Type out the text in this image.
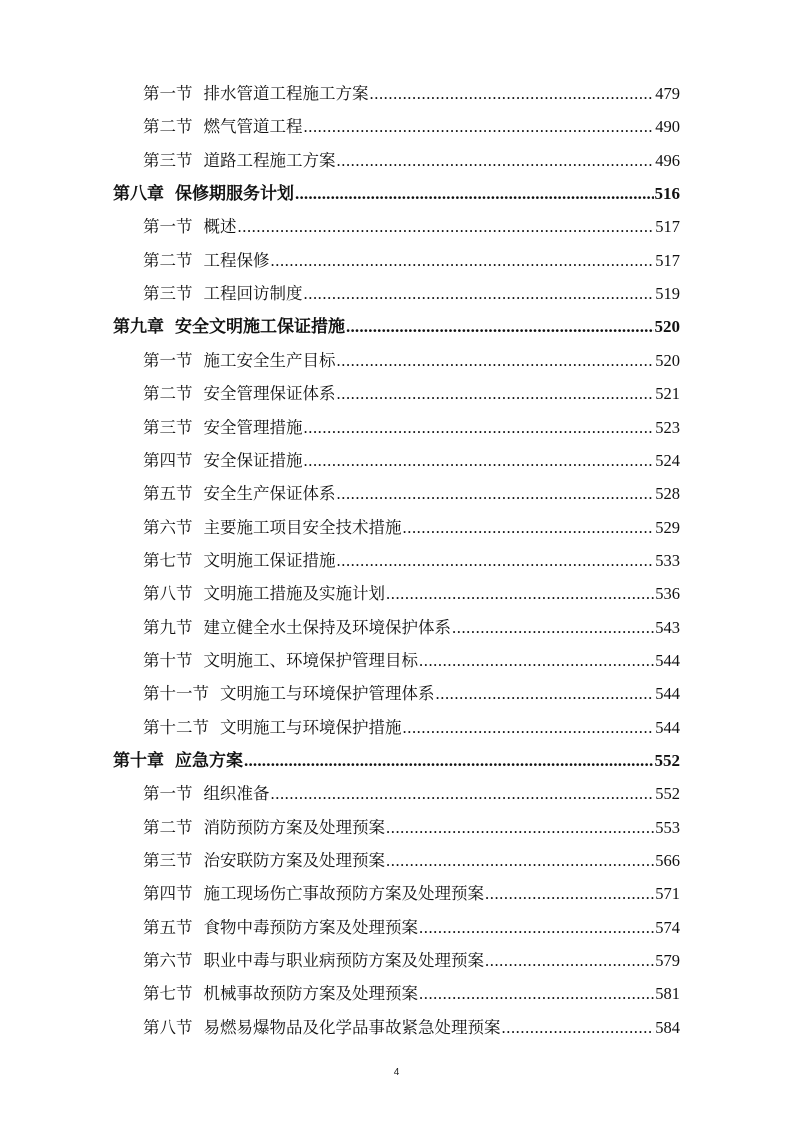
第一节 排水管道工程施工方案 .....	479
第二节 燃气管道工程 .....	490
第三节 道路工程施工方案 .....	496
第八章 保修期服务计划 .....	516
第一节 概述 .....	517
第二节 工程保修 .....	517
第三节 工程回访制度 .....	519
第九章 安全文明施工保证措施 .....	520
第一节 施工安全生产目标 .....	520
第二节 安全管理保证体系 .....	521
第三节 安全管理措施 .....	523
第四节 安全保证措施 .....	524
第五节 安全生产保证体系 .....	528
第六节 主要施工项目安全技术措施 .....	529
第七节 文明施工保证措施 .....	533
第八节 文明施工措施及实施计划 .....	536
第九节 建立健全水土保持及环境保护体系 .....	543
第十节 文明施工、环境保护管理目标 .....	544
第十一节 文明施工与环境保护管理体系 .....	544
第十二节 文明施工与环境保护措施 .....	544
第十章 应急方案 .....	552
第一节 组织准备 .....	552
第二节 消防预防方案及处理预案 .....	553
第三节 治安联防方案及处理预案 .....	566
第四节 施工现场伤亡事故预防方案及处理预案 .....	571
第五节 食物中毒预防方案及处理预案 .....	574
第六节 职业中毒与职业病预防方案及处理预案 .....	579
第七节 机械事故预防方案及处理预案 .....	581
第八节 易燃易爆物品及化学品事故紧急处理预案 .....	584
4
